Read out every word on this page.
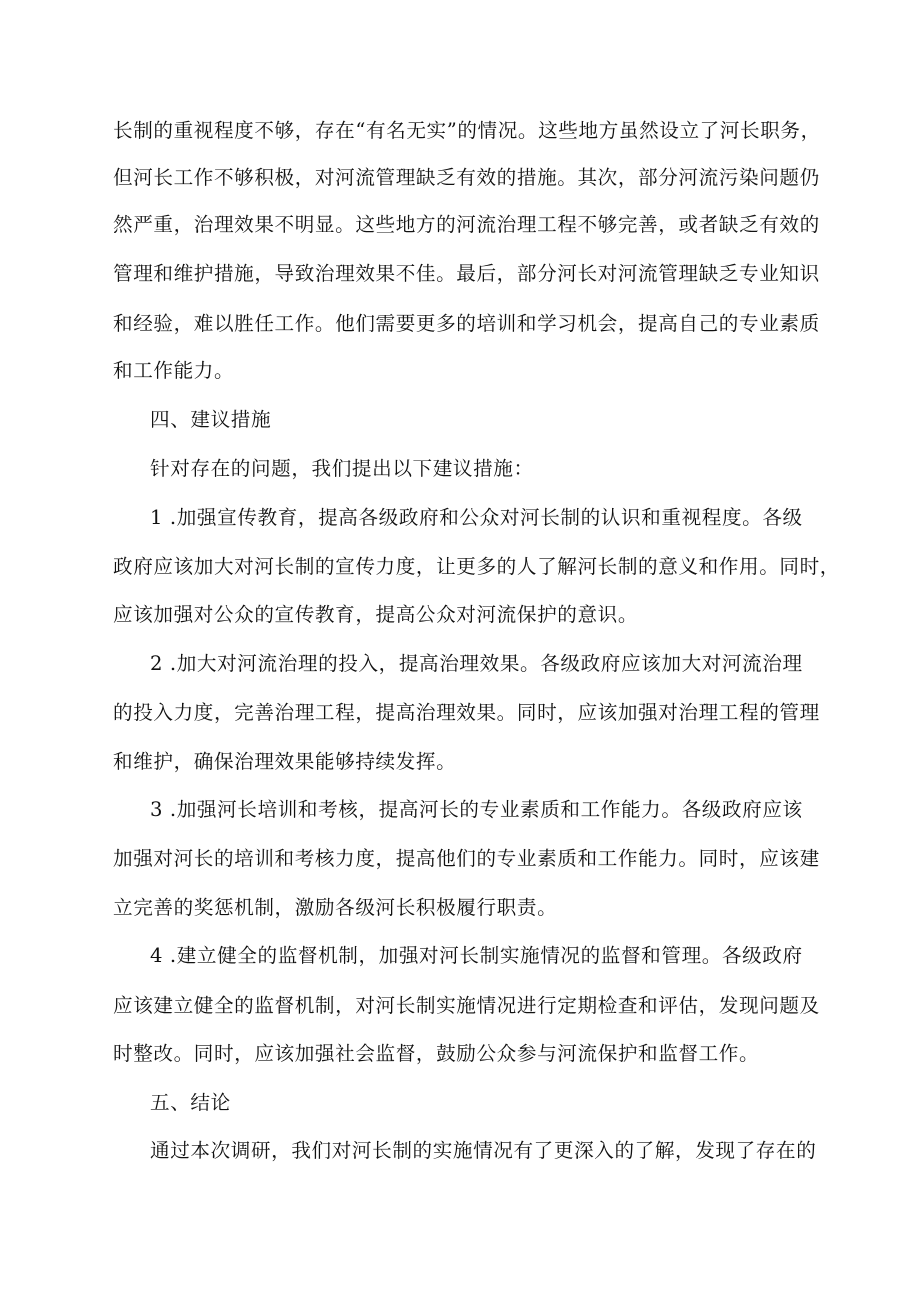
长制的重视程度不够，存在“有名无实”的情况。这些地方虽然设立了河长职务，
但河长工作不够积极，对河流管理缺乏有效的措施。其次，部分河流污染问题仍
然严重，治理效果不明显。这些地方的河流治理工程不够完善，或者缺乏有效的
管理和维护措施，导致治理效果不佳。最后，部分河长对河流管理缺乏专业知识
和经验，难以胜任工作。他们需要更多的培训和学习机会，提高自己的专业素质
和工作能力。
四、建议措施
针对存在的问题，我们提出以下建议措施：
1 .加强宣传教育，提高各级政府和公众对河长制的认识和重视程度。各级
政府应该加大对河长制的宣传力度，让更多的人了解河长制的意义和作用。同时，
应该加强对公众的宣传教育，提高公众对河流保护的意识。
2 .加大对河流治理的投入，提高治理效果。各级政府应该加大对河流治理
的投入力度，完善治理工程，提高治理效果。同时，应该加强对治理工程的管理
和维护，确保治理效果能够持续发挥。
3 .加强河长培训和考核，提高河长的专业素质和工作能力。各级政府应该
加强对河长的培训和考核力度，提高他们的专业素质和工作能力。同时，应该建
立完善的奖惩机制，激励各级河长积极履行职责。
4 .建立健全的监督机制，加强对河长制实施情况的监督和管理。各级政府
应该建立健全的监督机制，对河长制实施情况进行定期检查和评估，发现问题及
时整改。同时，应该加强社会监督，鼓励公众参与河流保护和监督工作。
五、结论
通过本次调研，我们对河长制的实施情况有了更深入的了解，发现了存在的
